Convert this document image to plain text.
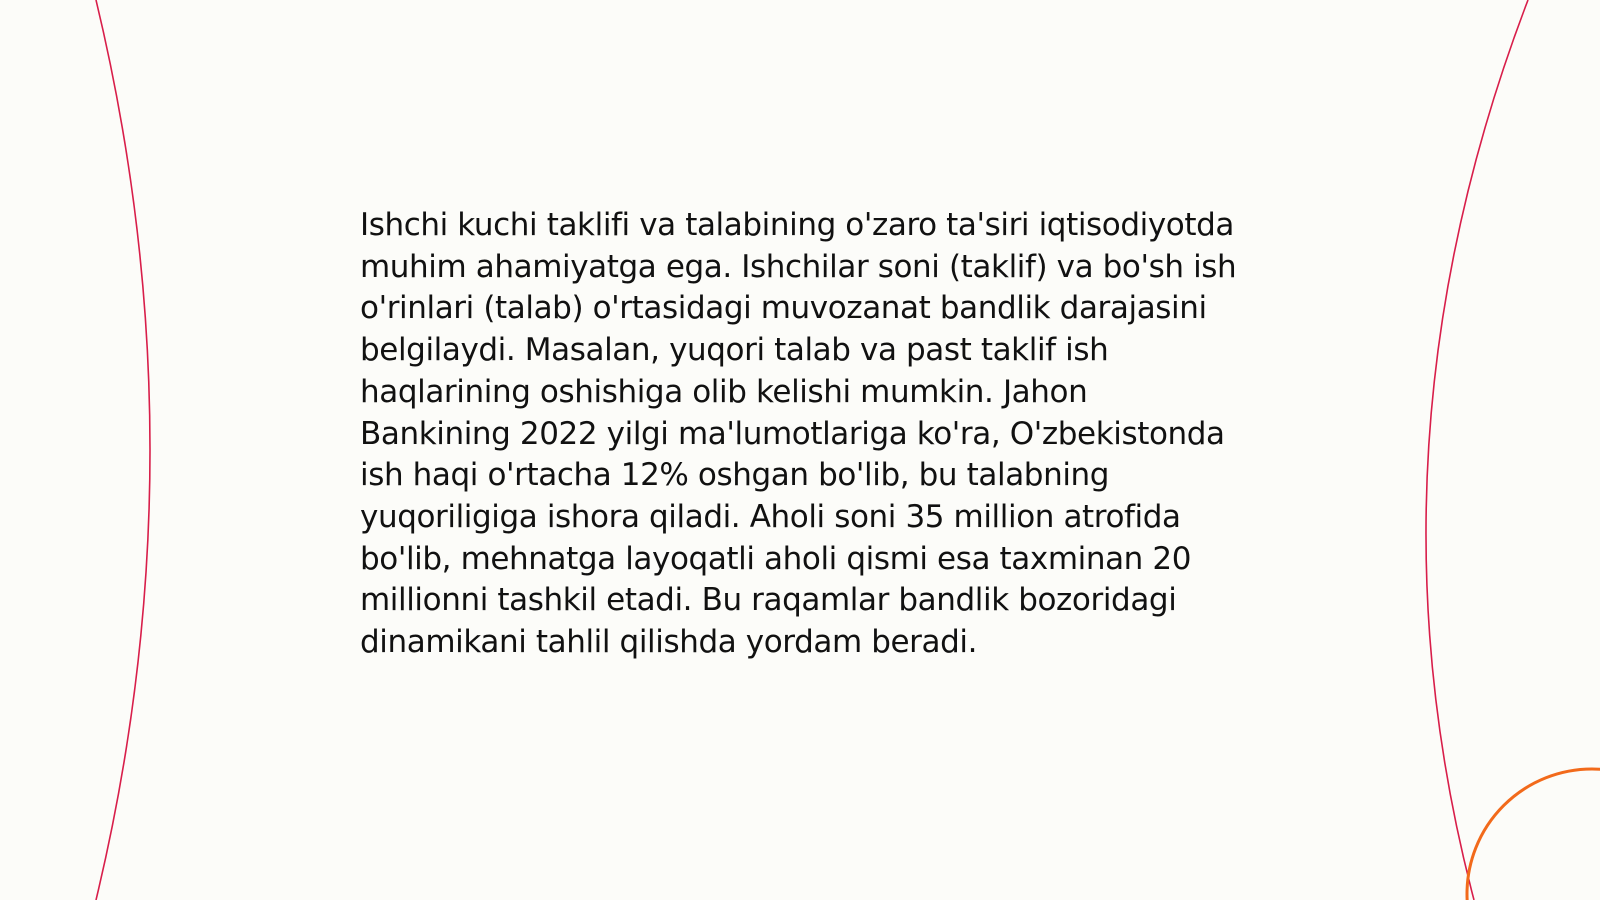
Ishchi kuchi taklifi va talabining o'zaro ta'siri iqtisodiyotda muhim ahamiyatga ega. Ishchilar soni (taklif) va bo'sh ish o'rinlari (talab) o'rtasidagi muvozanat bandlik darajasini belgilaydi. Masalan, yuqori talab va past taklif ish haqlarining oshishiga olib kelishi mumkin. Jahon Bankining 2022 yilgi ma'lumotlariga ko'ra, O'zbekistonda ish haqi o'rtacha 12% oshgan bo'lib, bu talabning yuqoriligiga ishora qiladi. Aholi soni 35 million atrofida bo'lib, mehnatga layoqatli aholi qismi esa taxminan 20 millionni tashkil etadi. Bu raqamlar bandlik bozoridagi dinamikani tahlil qilishda yordam beradi.
